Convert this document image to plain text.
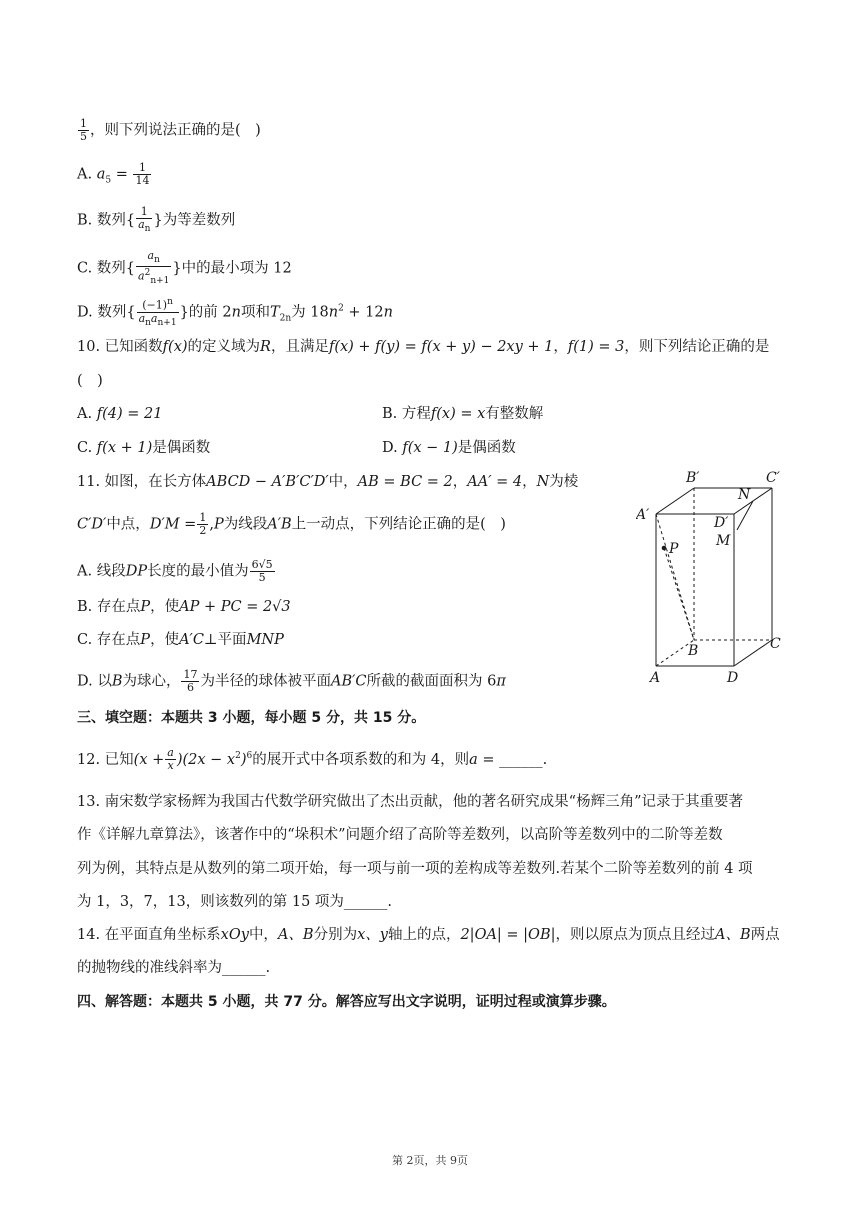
$\frac{1}{5}$ ，则下列说法正确的是(　)
A. $a_5 = \frac{1}{14}$
B. 数列{ $\frac{1}{a_n}$ }为等差数列
C. 数列{ $\frac{a_n}{a^2_{n+1}}$ }中的最小项为 12
D. 数列{ $\frac{(-1)^n}{a_na_{n+1}}$ }的前 2n项和$T_{2n}$为 $18n^2 + 12n$
10. 已知函数f(x)的定义域为R，且满足f(x) + f(y) = f(x + y) − 2xy + 1，f(1) = 3，则下列结论正确的是
(　)
A. f(4) = 21	B. 方程f(x) = x有整数解
C. f(x + 1)是偶函数	D. f(x − 1)是偶函数
11. 如图，在长方体ABCD − A′B′C′D′中，AB = BC = 2，AA′ = 4，N为棱
C′D′中点，$D'M = \frac{1}{2} ,P$为线段A′B上一动点，下列结论正确的是(　)
A. 线段DP长度的最小值为 $\frac{6√5}{5}$
B. 存在点P，使AP + PC = 2√3
C. 存在点P，使A′C⊥平面MNP
D. 以B为球心， $\frac{17}{6}$ 为半径的球体被平面AB′C所截的截面面积为 6π
A′
B′	C′
N
D′
M
P
B	C
A	D
三、填空题：本题共 3 小题，每小题 5 分，共 15 分。
12. 已知$(x + \frac{a}{x} )(2x - x^2)^6$的展开式中各项系数的和为 4，则a = ______.
13. 南宋数学家杨辉为我国古代数学研究做出了杰出贡献，他的著名研究成果“杨辉三角”记录于其重要著
作《详解九章算法》，该著作中的“垛积术”问题介绍了高阶等差数列，以高阶等差数列中的二阶等差数
列为例，其特点是从数列的第二项开始，每一项与前一项的差构成等差数列.若某个二阶等差数列的前 4 项
为 1，3，7，13，则该数列的第 15 项为______.
14. 在平面直角坐标系xOy中，A、B分别为x、y轴上的点，2|OA| = |OB|，则以原点为顶点且经过A、B两点
的抛物线的准线斜率为______.
四、解答题：本题共 5 小题，共 77 分。解答应写出文字说明，证明过程或演算步骤。
第 2页，共 9页
